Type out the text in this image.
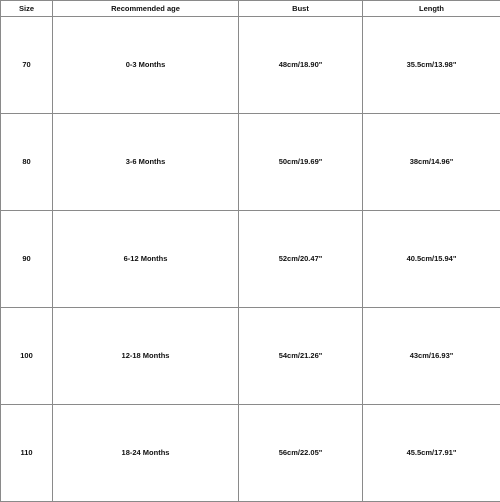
Size	Recommended age	Bust	Length
70	0-3 Months	48cm/18.90"	35.5cm/13.98"
80	3-6 Months	50cm/19.69"	38cm/14.96"
90	6-12 Months	52cm/20.47"	40.5cm/15.94"
100	12-18 Months	54cm/21.26"	43cm/16.93"
110	18-24 Months	56cm/22.05"	45.5cm/17.91"
